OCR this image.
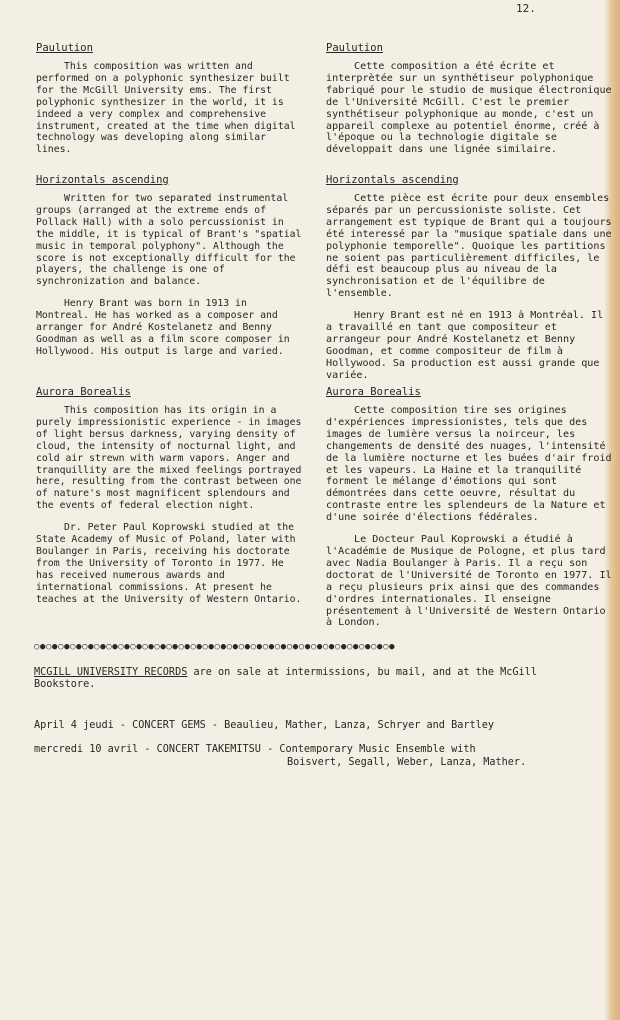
12.
Paulution

This composition was written and performed on a polyphonic synthesizer built for the McGill University ems. The first polyphonic synthesizer in the world, it is indeed a very complex and comprehensive instrument, created at the time when digital technology was developing along similar lines.

Horizontals ascending

Written for two separated instrumental groups (arranged at the extreme ends of Pollack Hall) with a solo percussionist in the middle, it is typical of Brant's "spatial music in temporal polyphony". Although the score is not exceptionally difficult for the players, the challenge is one of synchronization and balance.

Henry Brant was born in 1913 in Montreal. He has worked as a composer and arranger for André Kostelanetz and Benny Goodman as well as a film score composer in Hollywood. His output is large and varied.

Aurora Borealis

This composition has its origin in a purely impressionistic experience - in images of light bersus darkness, varying density of cloud, the intensity of nocturnal light, and cold air strewn with warm vapors. Anger and tranquillity are the mixed feelings portrayed here, resulting from the contrast between one of nature's most magnificent splendours and the events of federal election night.

Dr. Peter Paul Koprowski studied at the State Academy of Music of Poland, later with Boulanger in Paris, receiving his doctorate from the University of Toronto in 1977. He has received numerous awards and international commissions. At present he teaches at the University of Western Ontario.

Paulution

Cette composition a été écrite et interprètée sur un synthétiseur polyphonique fabriqué pour le studio de musique électronique de l'Université McGill. C'est le premier synthétiseur polyphonique au monde, c'est un appareil complexe au potentiel énorme, créé à l'époque ou la technologie digitale se développait dans une lignée similaire.

Horizontals ascending

Cette pièce est écrite pour deux ensembles séparés par un percussioniste soliste. Cet arrangement est typique de Brant qui a toujours été interessé par la "musique spatiale dans une polyphonie temporelle". Quoique les partitions ne soient pas particulièrement difficiles, le défi est beaucoup plus au niveau de la synchronisation et de l'équilibre de l'ensemble.

Henry Brant est né en 1913 à Montréal. Il a travaillé en tant que compositeur et arrangeur pour André Kostelanetz et Benny Goodman, et comme compositeur de film à Hollywood. Sa production est aussi grande que variée.

Aurora Borealis

Cette composition tire ses origines d'expériences impressionistes, tels que des images de lumière versus la noirceur, les changements de densité des nuages, l'intensité de la lumière nocturne et les buées d'air froid et les vapeurs. La Haine et la tranquilité forment le mélange d'émotions qui sont démontrées dans cette oeuvre, résultat du contraste entre les splendeurs de la Nature et d'une soirée d'élections fédérales.

Le Docteur Paul Koprowski a étudié à l'Académie de Musique de Pologne, et plus tard avec Nadia Boulanger à Paris. Il a reçu son doctorat de l'Université de Toronto en 1977. Il a reçu plusieurs prix ainsi que des commandes d'ordres internationales. Il enseigne présentement à l'Université de Western Ontario à London.

○●○●○●○●○●○●○●○●○●○●○●○●○●○●○●○●○●○●○●○●○●○●○●○●○●○●○●○●○●○●
MCGILL UNIVERSITY RECORDS are on sale at intermissions, bu mail, and at the McGill Bookstore.
April 4 jeudi - CONCERT GEMS - Beaulieu, Mather, Lanza, Schryer and Bartley
mercredi 10 avril - CONCERT TAKEMITSU - Contemporary Music Ensemble with
Boisvert, Segall, Weber, Lanza, Mather.
